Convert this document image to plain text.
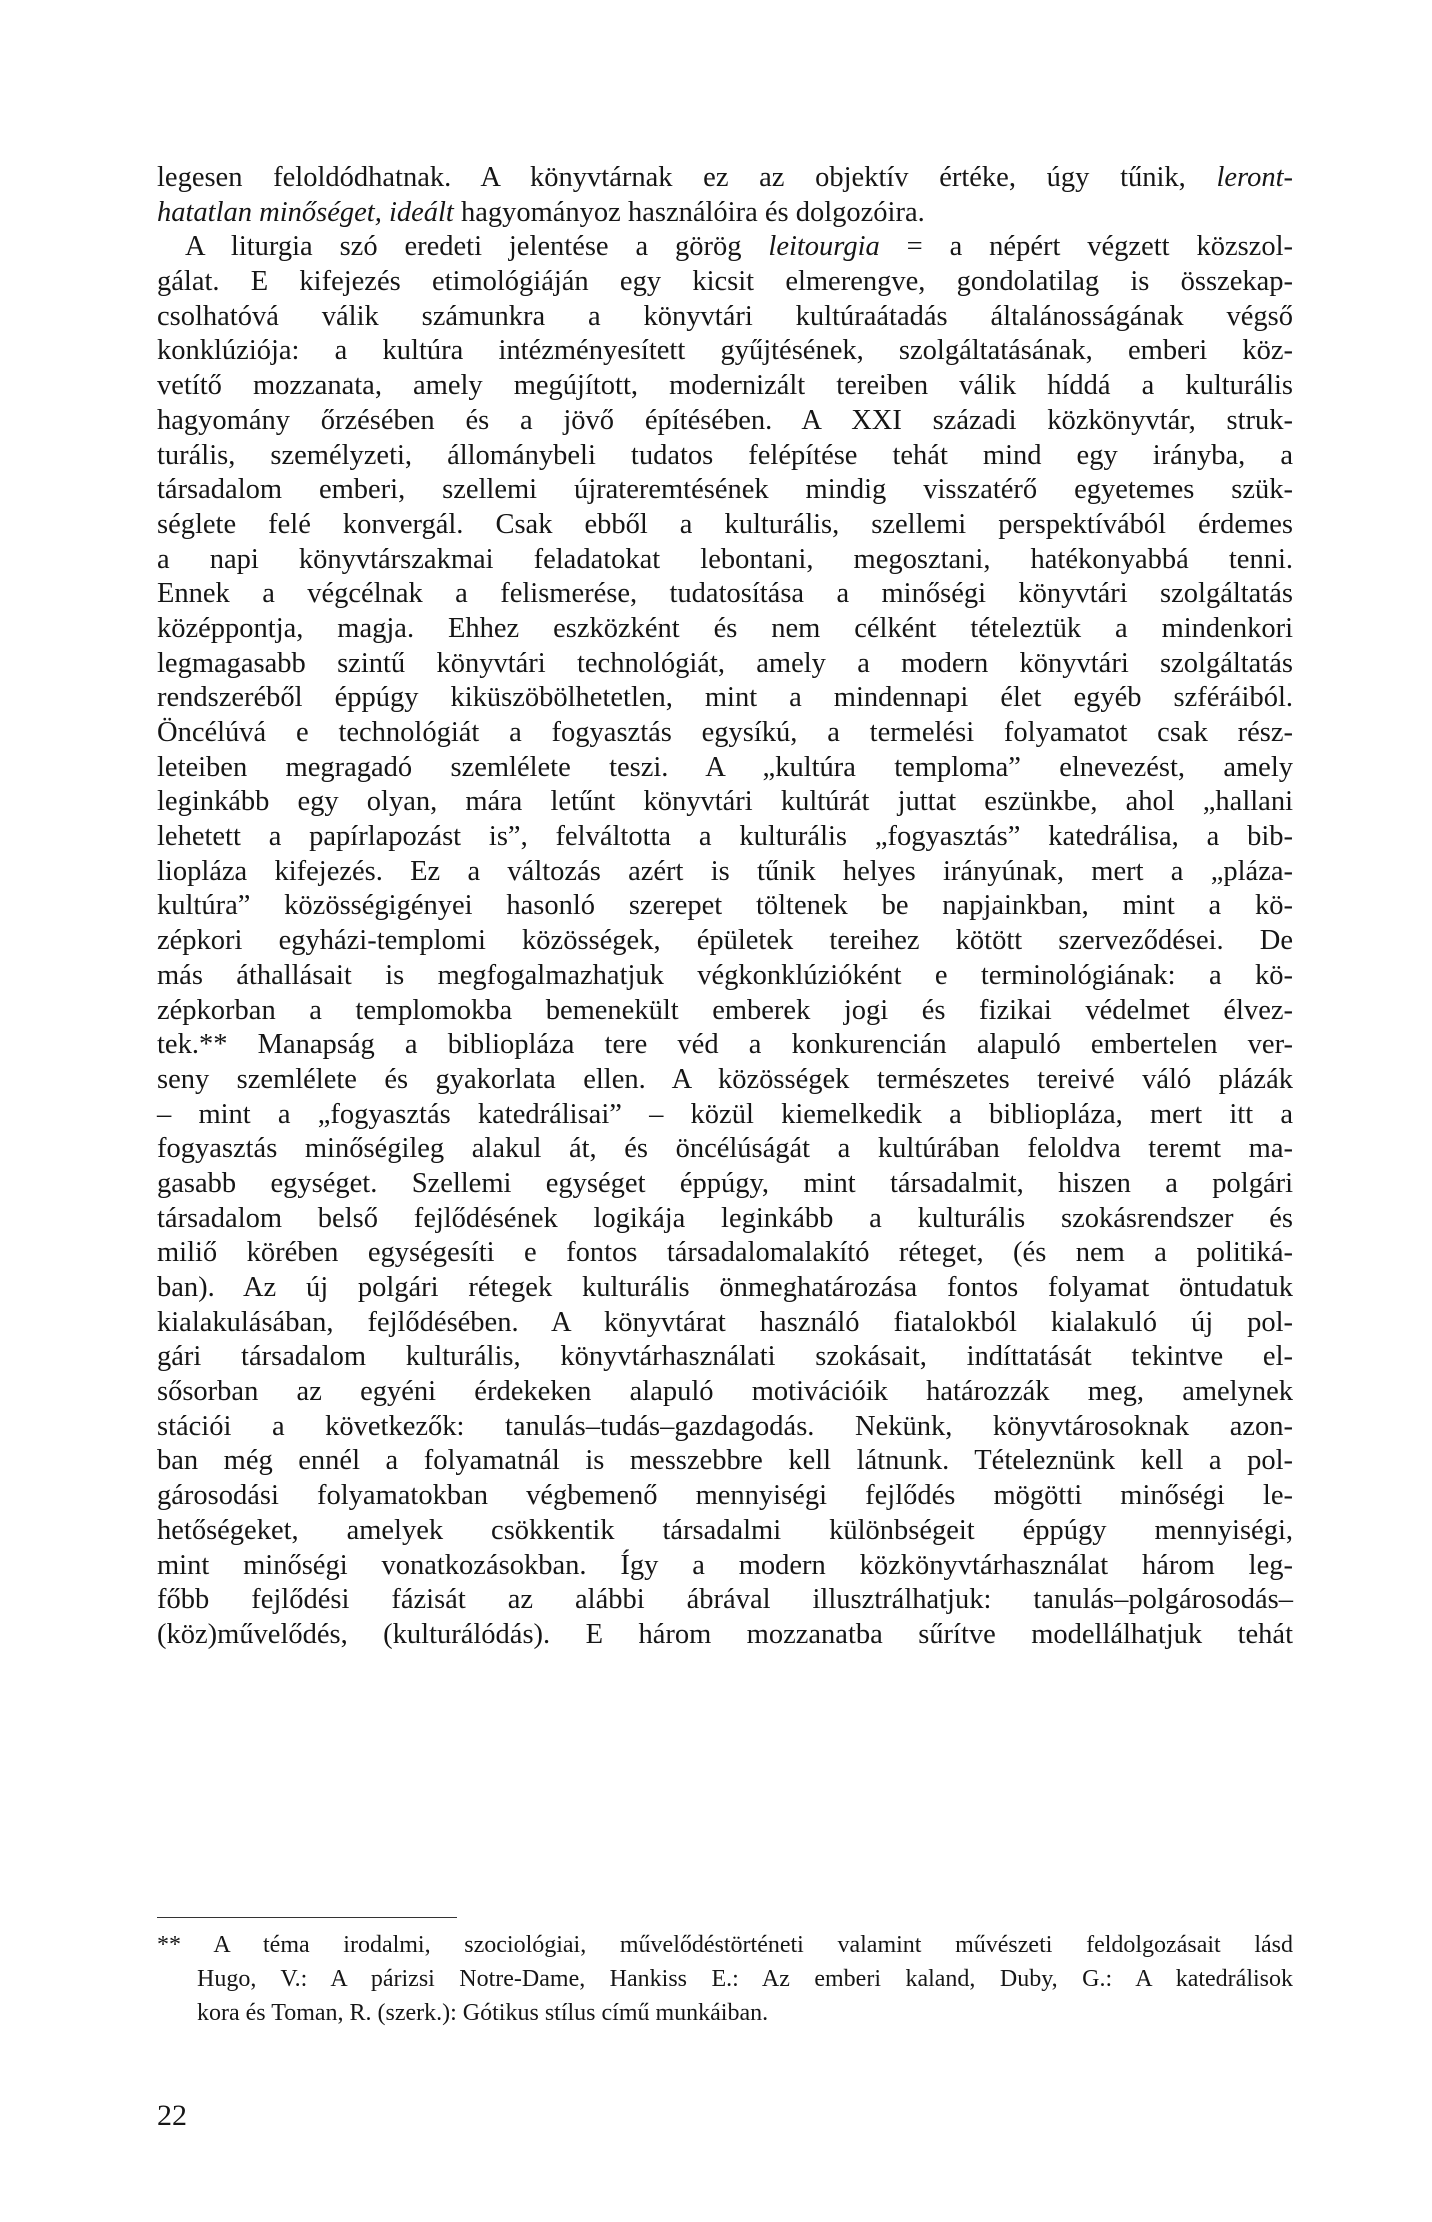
legesen feloldódhatnak. A könyvtárnak ez az objektív értéke, úgy tűnik, leront-
hatatlan minőséget, ideált hagyományoz használóira és dolgozóira.
A liturgia szó eredeti jelentése a görög leitourgia = a népért végzett közszol-
gálat. E kifejezés etimológiáján egy kicsit elmerengve, gondolatilag is összekap-
csolhatóvá válik számunkra a könyvtári kultúraátadás általánosságának végső
konklúziója: a kultúra intézményesített gyűjtésének, szolgáltatásának, emberi köz-
vetítő mozzanata, amely megújított, modernizált tereiben válik híddá a kulturális
hagyomány őrzésében és a jövő építésében. A XXI századi közkönyvtár, struk-
turális, személyzeti, állománybeli tudatos felépítése tehát mind egy irányba, a
társadalom emberi, szellemi újrateremtésének mindig visszatérő egyetemes szük-
séglete felé konvergál. Csak ebből a kulturális, szellemi perspektívából érdemes
a napi könyvtárszakmai feladatokat lebontani, megosztani, hatékonyabbá tenni.
Ennek a végcélnak a felismerése, tudatosítása a minőségi könyvtári szolgáltatás
középpontja, magja. Ehhez eszközként és nem célként tételeztük a mindenkori
legmagasabb szintű könyvtári technológiát, amely a modern könyvtári szolgáltatás
rendszeréből éppúgy kiküszöbölhetetlen, mint a mindennapi élet egyéb szféráiból.
Öncélúvá e technológiát a fogyasztás egysíkú, a termelési folyamatot csak rész-
leteiben megragadó szemlélete teszi. A „kultúra temploma” elnevezést, amely
leginkább egy olyan, mára letűnt könyvtári kultúrát juttat eszünkbe, ahol „hallani
lehetett a papírlapozást is”, felváltotta a kulturális „fogyasztás” katedrálisa, a bib-
liopláza kifejezés. Ez a változás azért is tűnik helyes irányúnak, mert a „pláza-
kultúra” közösségigényei hasonló szerepet töltenek be napjainkban, mint a kö-
zépkori egyházi-templomi közösségek, épületek tereihez kötött szerveződései. De
más áthallásait is megfogalmazhatjuk végkonklúzióként e terminológiának: a kö-
zépkorban a templomokba bemenekült emberek jogi és fizikai védelmet élvez-
tek.** Manapság a bibliopláza tere véd a konkurencián alapuló embertelen ver-
seny szemlélete és gyakorlata ellen. A közösségek természetes tereivé váló plázák
– mint a „fogyasztás katedrálisai” – közül kiemelkedik a bibliopláza, mert itt a
fogyasztás minőségileg alakul át, és öncélúságát a kultúrában feloldva teremt ma-
gasabb egységet. Szellemi egységet éppúgy, mint társadalmit, hiszen a polgári
társadalom belső fejlődésének logikája leginkább a kulturális szokásrendszer és
miliő körében egységesíti e fontos társadalomalakító réteget, (és nem a politiká-
ban). Az új polgári rétegek kulturális önmeghatározása fontos folyamat öntudatuk
kialakulásában, fejlődésében. A könyvtárat használó fiatalokból kialakuló új pol-
gári társadalom kulturális, könyvtárhasználati szokásait, indíttatását tekintve el-
sősorban az egyéni érdekeken alapuló motivációik határozzák meg, amelynek
stációi a következők: tanulás–tudás–gazdagodás. Nekünk, könyvtárosoknak azon-
ban még ennél a folyamatnál is messzebbre kell látnunk. Tételeznünk kell a pol-
gárosodási folyamatokban végbemenő mennyiségi fejlődés mögötti minőségi le-
hetőségeket, amelyek csökkentik társadalmi különbségeit éppúgy mennyiségi,
mint minőségi vonatkozásokban. Így a modern közkönyvtárhasználat három leg-
főbb fejlődési fázisát az alábbi ábrával illusztrálhatjuk: tanulás–polgárosodás–
(köz)művelődés, (kulturálódás). E három mozzanatba sűrítve modellálhatjuk tehát
** A téma irodalmi, szociológiai, művelődéstörténeti valamint művészeti feldolgozásait lásd
Hugo, V.: A párizsi Notre-Dame, Hankiss E.: Az emberi kaland, Duby, G.: A katedrálisok
kora és Toman, R. (szerk.): Gótikus stílus című munkáiban.
22
